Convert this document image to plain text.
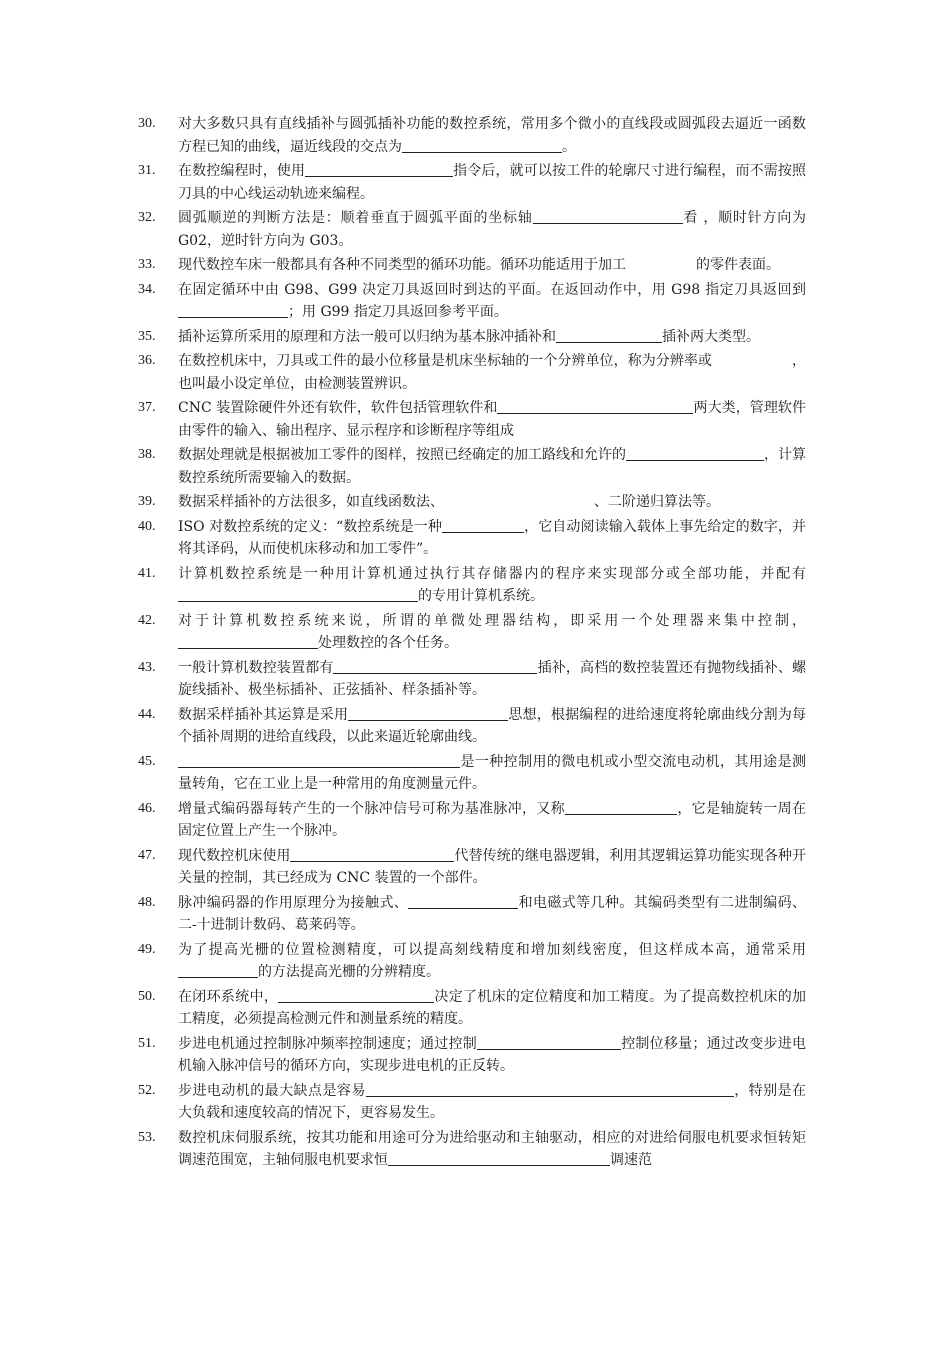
30.	对大多数只具有直线插补与圆弧插补功能的数控系统，常用多个微小的直线段或圆弧段去逼近一函数方程已知的曲线，逼近线段的交点为	。
31.	在数控编程时，使用	指令后，就可以按工件的轮廓尺寸进行编程，而不需按照刀具的中心线运动轨迹来编程。
32.	圆弧顺逆的判断方法是：顺着垂直于圆弧平面的坐标轴	看 ，顺时针方向为 G02，逆时针方向为 G03。
33.	现代数控车床一般都具有各种不同类型的循环功能。循环功能适用于加工	的零件表面。
34.	在固定循环中由 G98、G99 决定刀具返回时到达的平面。在返回动作中，用 G98 指定刀具返回到；用 G99 指定刀具返回参考平面。
35.	插补运算所采用的原理和方法一般可以归纳为基本脉冲插补和	插补两大类型。
36.	在数控机床中，刀具或工件的最小位移量是机床坐标轴的一个分辨单位，称为分辨率或	，也叫最小设定单位，由检测装置辨识。
37.	CNC 装置除硬件外还有软件，软件包括管理软件和	两大类，管理软件由零件的输入、输出程序、显示程序和诊断程序等组成
38.	数据处理就是根据被加工零件的图样，按照已经确定的加工路线和允许的	，计算数控系统所需要输入的数据。
39.	数据采样插补的方法很多，如直线函数法、	、二阶递归算法等。
40.	ISO 对数控系统的定义：“数控系统是一种	，它自动阅读输入载体上事先给定的数字，并将其译码，从而使机床移动和加工零件”。
41.	计算机数控系统是一种用计算机通过执行其存储器内的程序来实现部分或全部功能，并配有的专用计算机系统。
42.	对于计算机数控系统来说，所谓的单微处理器结构，即采用一个处理器来集中控制，处理数控的各个任务。
43.	一般计算机数控装置都有	插补，高档的数控装置还有抛物线插补、螺旋线插补、极坐标插补、正弦插补、样条插补等。
44.	数据采样插补其运算是采用	思想，根据编程的进给速度将轮廓曲线分割为每个插补周期的进给直线段，以此来逼近轮廓曲线。
45.	是一种控制用的微电机或小型交流电动机，其用途是测量转角，它在工业上是一种常用的角度测量元件。
46.	增量式编码器每转产生的一个脉冲信号可称为基准脉冲，又称	，它是轴旋转一周在固定位置上产生一个脉冲。
47.	现代数控机床使用	代替传统的继电器逻辑，利用其逻辑运算功能实现各种开关量的控制，其已经成为 CNC 装置的一个部件。
48.	脉冲编码器的作用原理分为接触式、	和电磁式等几种。其编码类型有二进制编码、二-十进制计数码、葛莱码等。
49.	为了提高光栅的位置检测精度，可以提高刻线精度和增加刻线密度，但这样成本高，通常采用的方法提高光栅的分辨精度。
50.	在闭环系统中，	决定了机床的定位精度和加工精度。为了提高数控机床的加工精度，必须提高检测元件和测量系统的精度。
51.	步进电机通过控制脉冲频率控制速度；通过控制	控制位移量；通过改变步进电机输入脉冲信号的循环方向，实现步进电机的正反转。
52.	步进电动机的最大缺点是容易	，特别是在大负载和速度较高的情况下，更容易发生。
53.	数控机床伺服系统，按其功能和用途可分为进给驱动和主轴驱动，相应的对进给伺服电机要求恒转矩调速范围宽，主轴伺服电机要求恒	调速范
